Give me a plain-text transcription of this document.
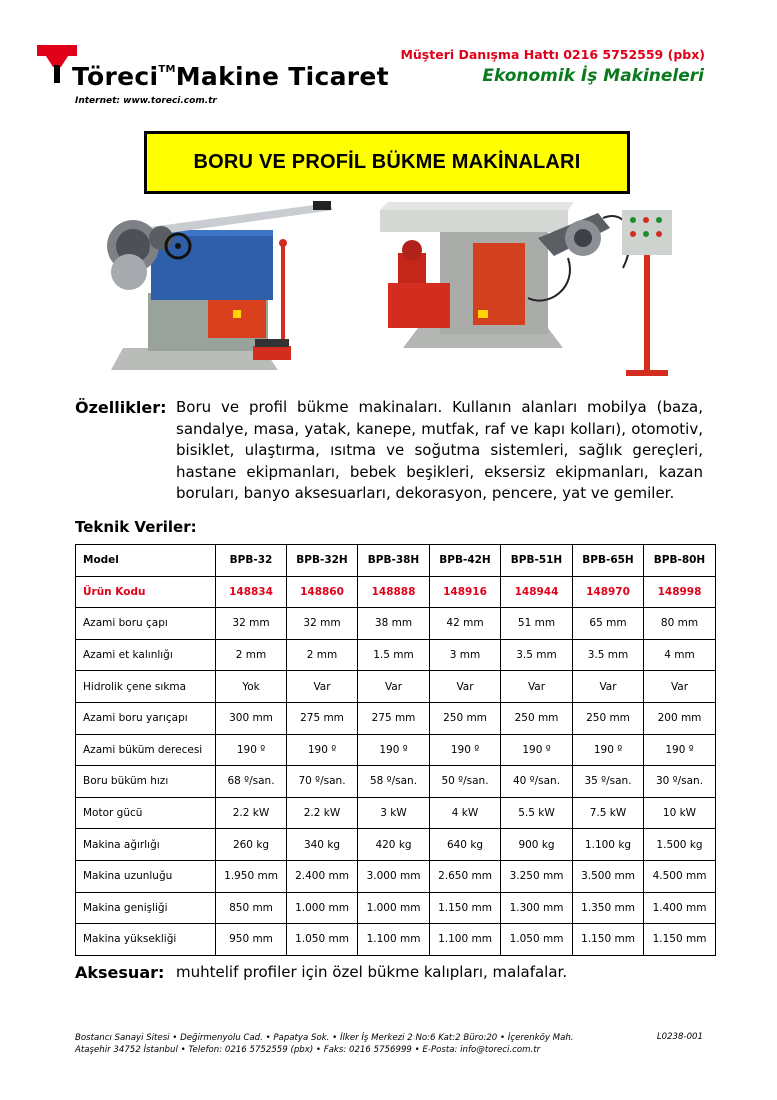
Töreci™Makine Ticaret
Internet: www.toreci.com.tr
Müşteri Danışma Hattı 0216 5752559 (pbx)
Ekonomik İş Makineleri
BORU VE PROFİL BÜKME MAKİNALARI
Özellikler: Boru ve profil bükme makinaları. Kullanın alanları mobilya (baza, sandalye, masa, yatak, kanepe, mutfak, raf ve kapı kolları), otomotiv, bisiklet, ulaştırma, ısıtma ve soğutma sistemleri, sağlık gereçleri, hastane ekipmanları, bebek beşikleri, eksersiz ekipmanları, kazan boruları, banyo aksesuarları, dekorasyon, pencere, yat ve gemiler.
Teknik Veriler:
Model	BPB-32	BPB-32H	BPB-38H	BPB-42H	BPB-51H	BPB-65H	BPB-80H
Ürün Kodu	148834	148860	148888	148916	148944	148970	148998
Azami boru çapı	32 mm	32 mm	38 mm	42 mm	51 mm	65 mm	80 mm
Azami et kalınlığı	2 mm	2 mm	1.5 mm	3 mm	3.5 mm	3.5 mm	4 mm
Hidrolik çene sıkma	Yok	Var	Var	Var	Var	Var	Var
Azami boru yarıçapı	300 mm	275 mm	275 mm	250 mm	250 mm	250 mm	200 mm
Azami büküm derecesi	190 º	190 º	190 º	190 º	190 º	190 º	190 º
Boru büküm hızı	68 º/san.	70 º/san.	58 º/san.	50 º/san.	40 º/san.	35 º/san.	30 º/san.
Motor gücü	2.2 kW	2.2 kW	3 kW	4 kW	5.5 kW	7.5 kW	10 kW
Makina ağırlığı	260 kg	340 kg	420 kg	640 kg	900 kg	1.100 kg	1.500 kg
Makina uzunluğu	1.950 mm	2.400 mm	3.000 mm	2.650 mm	3.250 mm	3.500 mm	4.500 mm
Makina genişliği	850 mm	1.000 mm	1.000 mm	1.150 mm	1.300 mm	1.350 mm	1.400 mm
Makina yüksekliği	950 mm	1.050 mm	1.100 mm	1.100 mm	1.050 mm	1.150 mm	1.150 mm
Aksesuar: muhtelif profiler için özel bükme kalıpları, malafalar.
Bostancı Sanayi Sitesi • Değirmenyolu Cad. • Papatya Sok. • İlker İş Merkezi 2 No:6 Kat:2 Büro:20 • İçerenköy Mah.
Ataşehir 34752 İstanbul • Telefon: 0216 5752559 (pbx) • Faks: 0216 5756999 • E-Posta: info@toreci.com.tr
L0238-001
